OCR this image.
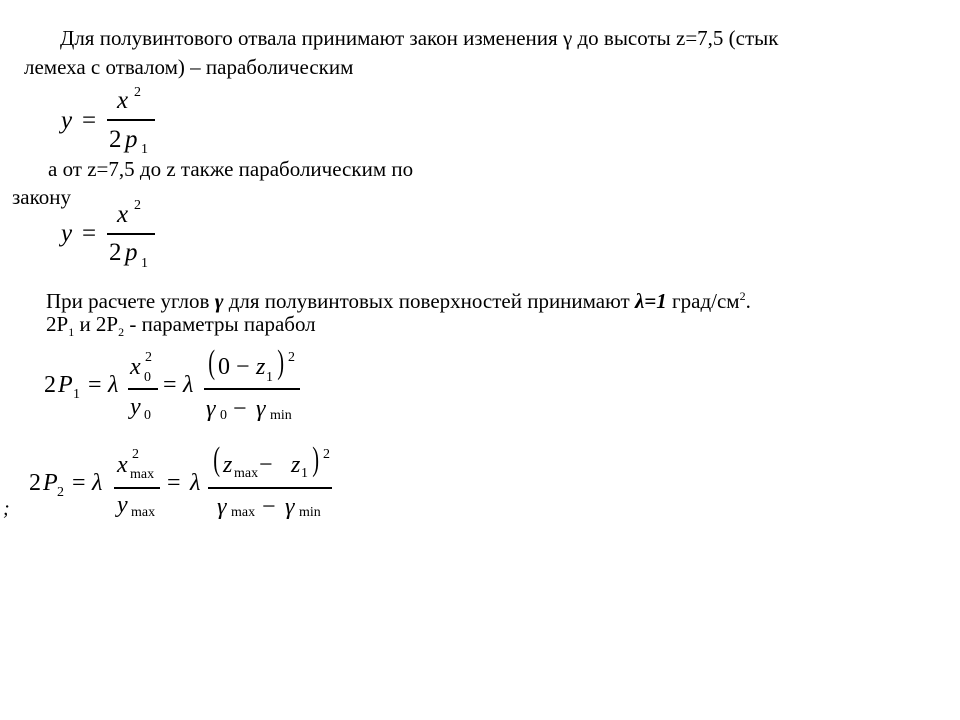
Для полувинтового отвала принимают закон изменения γ до высоты z=7,5 (стык
лемеха с отвалом) – параболическим
y =
x 2
2 p 1
а от z=7,5 до z также параболическим по
закону
y =
x 2
2 p 1
При расчете углов γ для полувинтовых поверхностей принимают λ=1 град/$см^2$.
$2P_1$ и $2P_2$ - параметры парабол
2 P 1 = λ
x 2
0
y 0
= λ
( 0 − z 1 ) 2
γ 0 − γ min
2 P 2 = λ
x 2
max
y max
= λ
( z max − z 1 ) 2
γ max − γ min
;
